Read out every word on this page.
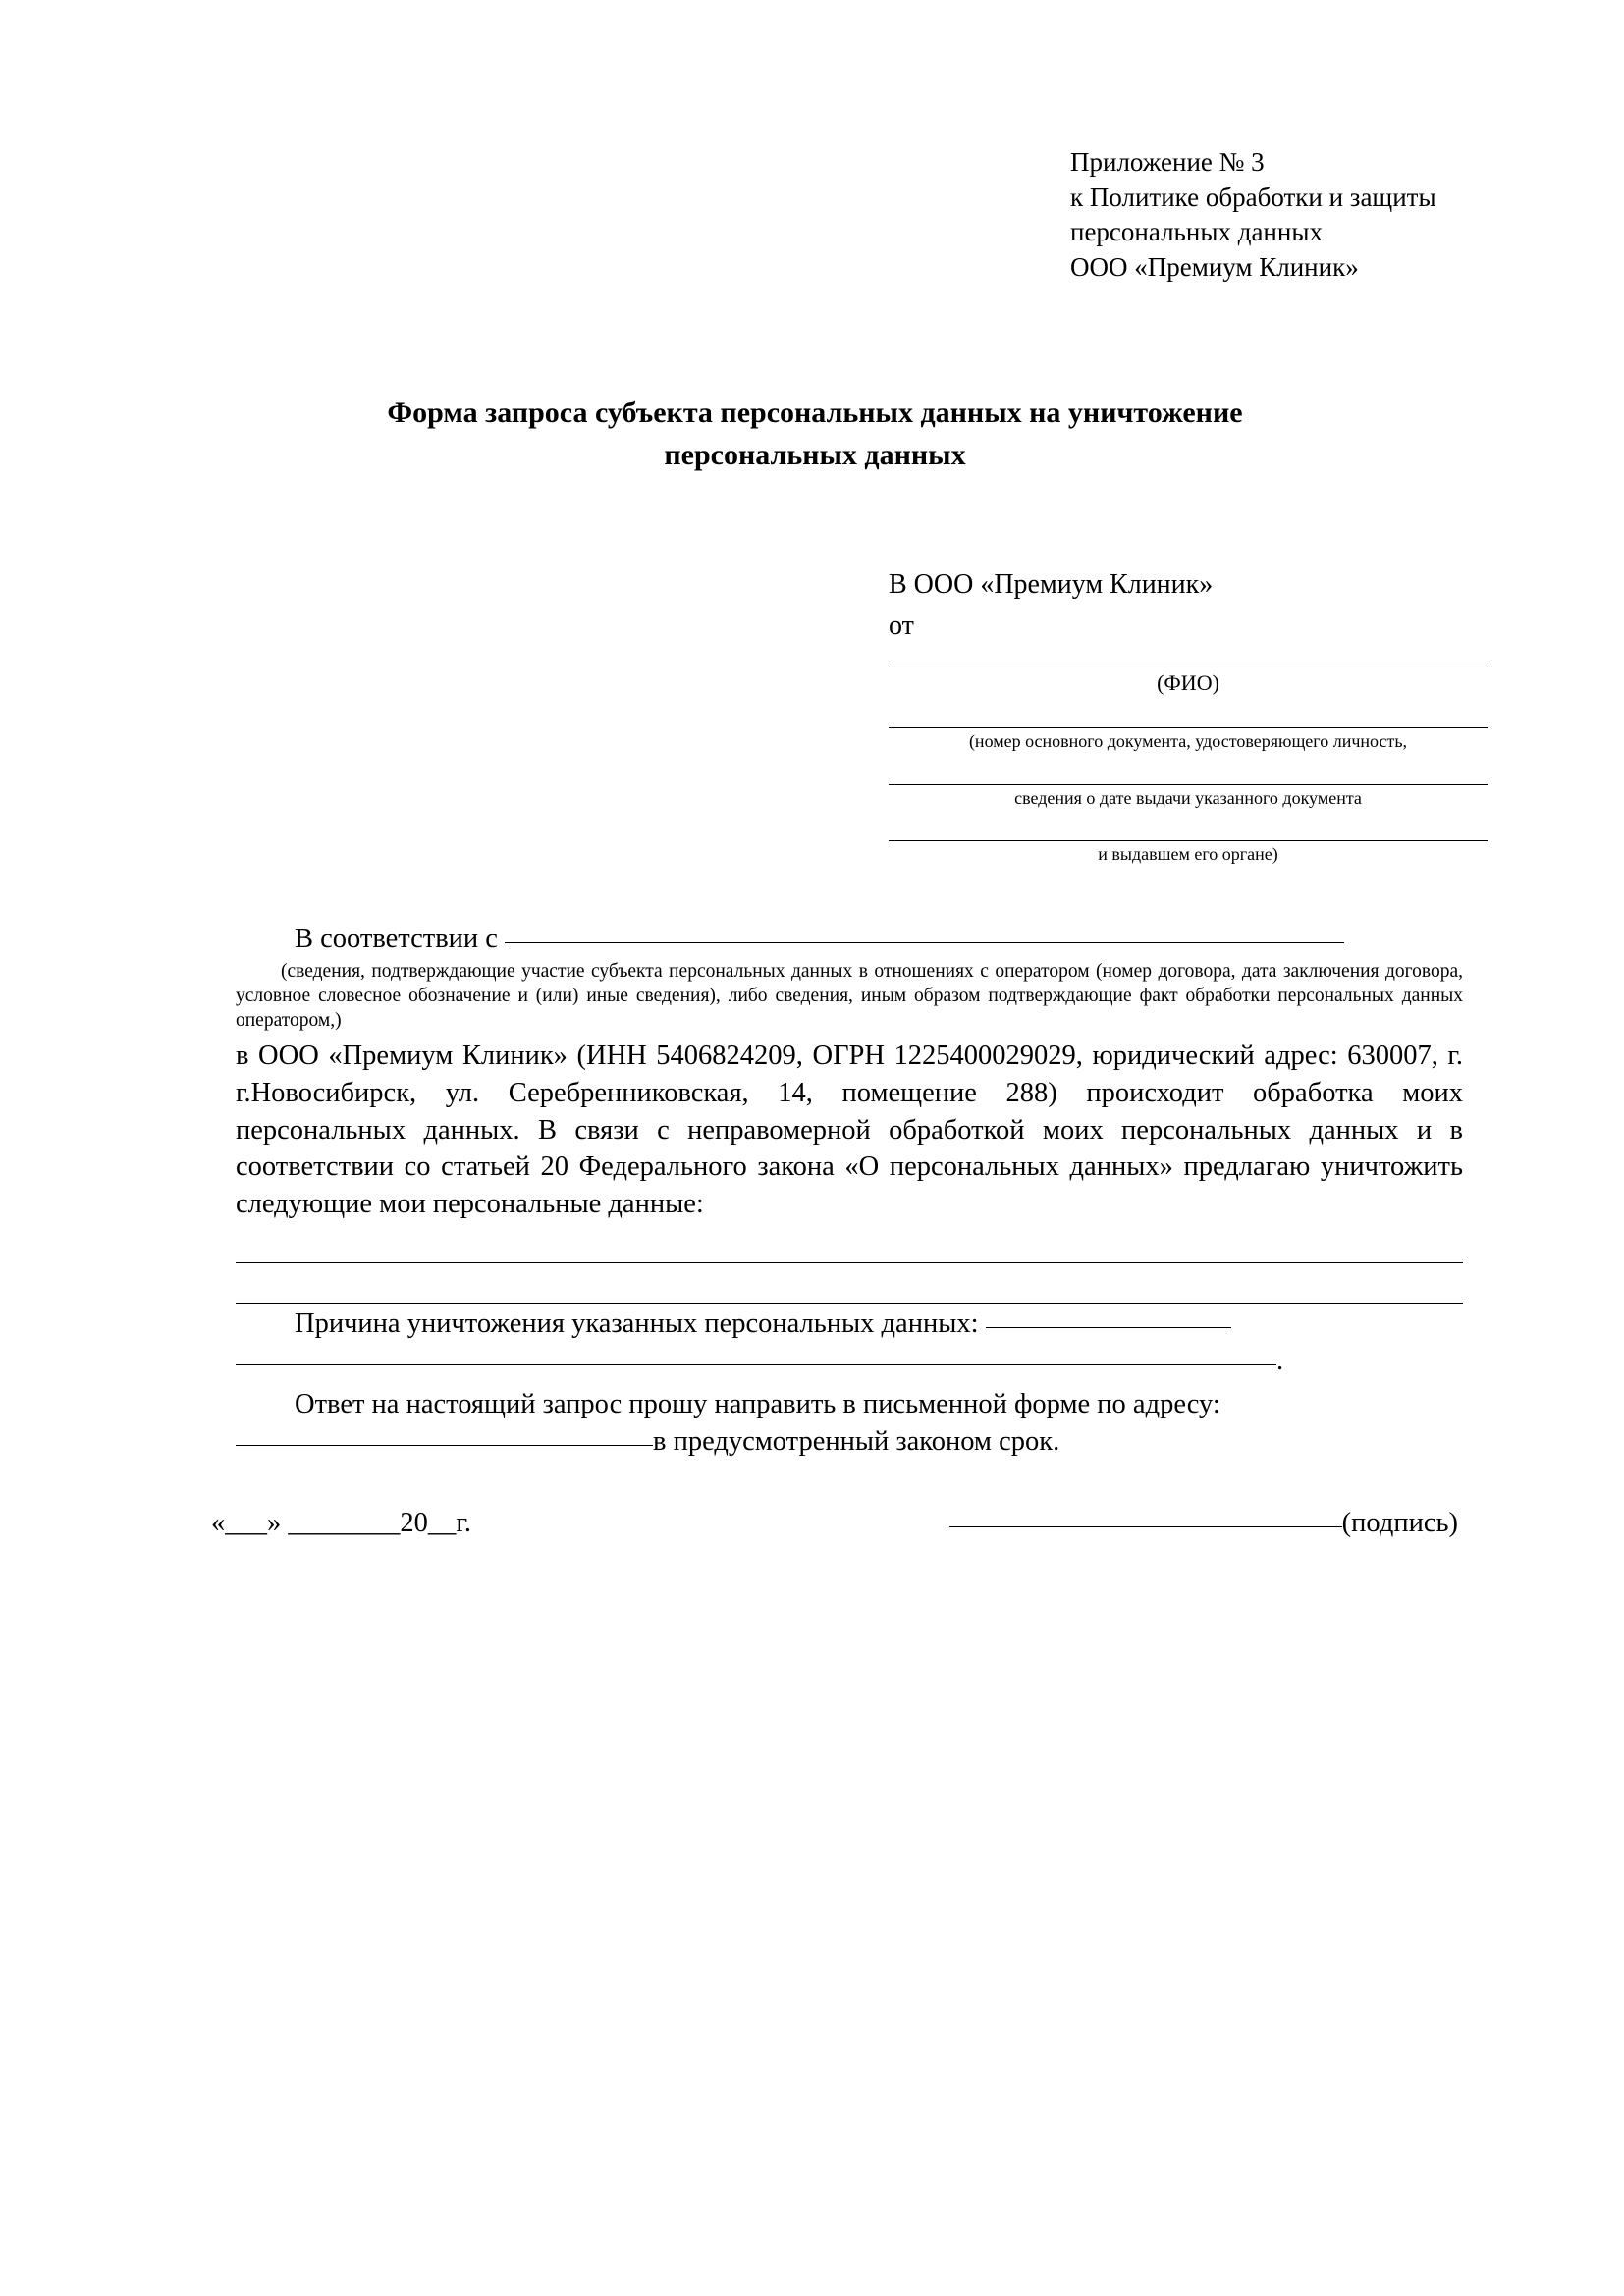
Приложение № 3
к Политике обработки и защиты
персональных данных
ООО «Премиум Клиник»
Форма запроса субъекта персональных данных на уничтожение
персональных данных
В ООО «Премиум Клиник»
от
(ФИО)
(номер основного документа, удостоверяющего личность,
сведения о дате выдачи указанного документа
и выдавшем его органе)
В соответствии с
(сведения, подтверждающие участие субъекта персональных данных в отношениях с оператором (номер договора, дата заключения договора, условное словесное обозначение и (или) иные сведения), либо сведения, иным образом подтверждающие факт обработки персональных данных оператором,)

в ООО «Премиум Клиник» (ИНН 5406824209, ОГРН 1225400029029, юридический адрес: 630007, г. г.Новосибирск, ул. Серебренниковская, 14, помещение 288) происходит обработка моих персональных данных. В связи с неправомерной обработкой моих персональных данных и в соответствии со статьей 20 Федерального закона «О персональных данных» предлагаю уничтожить следующие мои персональные данные:

Причина уничтожения указанных персональных данных:
.

Ответ на настоящий запрос прошу направить в письменной форме по адресу:

в предусмотренный законом срок.
«___» ________20__г.	(подпись)
